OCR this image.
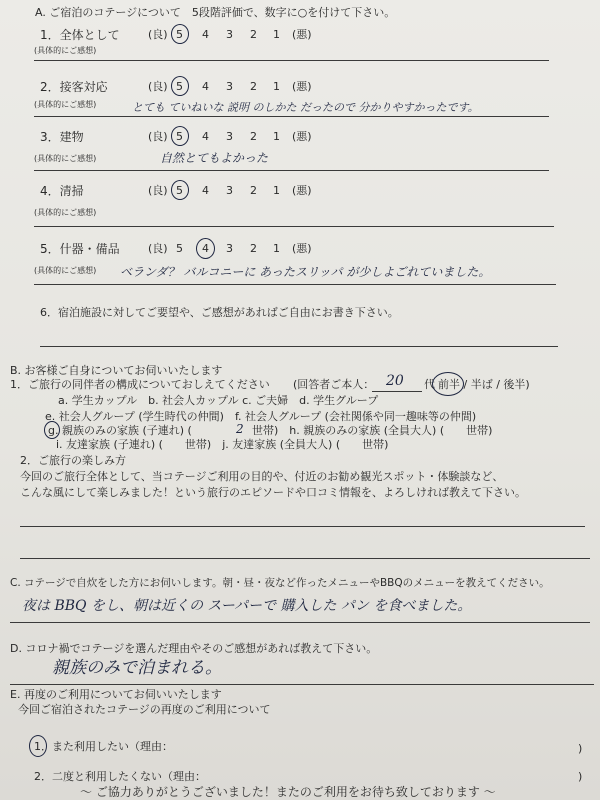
A. ご宿泊のコテージについて　5段階評価で、数字に○を付けて下さい。
1．全体として	(良) 5 4 3 2 1 (悪)
(具体的にご感想)
2．接客対応	(良) 5 4 3 2 1 (悪)
(具体的にご感想)	とても ていねいな 説明 のしかた だったので 分かりやすかったです。
3．建物	(良) 5 4 3 2 1 (悪)
(具体的にご感想)	自然とてもよかった
4．清掃	(良) 5 4 3 2 1 (悪)
(具体的にご感想)
5．什器・備品	(良) 5 4 3 2 1 (悪)
(具体的にご感想) ベランダ？ バルコニーに あったスリッパ が少しよごれていました。
6．宿泊施設に対してご要望や、ご感想があればご自由にお書き下さい。
B. お客様ご自身についてお伺いいたします
1．ご旅行の同伴者の構成についておしえてください (回答者ご本人： 20 代 前半 / 半ば / 後半)
a. 学生カップル　b. 社会人カップル c. ご夫婦　d. 学生グループ
e. 社会人グループ (学生時代の仲間)　f. 社会人グループ (会社関係や同一趣味等の仲間)
g. 親族のみの家族 (子連れ) (	2 世帯)　h. 親族のみの家族 (全員大人) (　　世帯)
i. 友達家族 (子連れ) (　　世帯)　j. 友達家族 (全員大人) (　　世帯)
2．ご旅行の楽しみ方
今回のご旅行全体として、当コテージご利用の目的や、付近のお勧め観光スポット・体験談など、
こんな風にして楽しみました！という旅行のエピソードや口コミ情報を、よろしければ教えて下さい。
C. コテージで自炊をした方にお伺いします。朝・昼・夜など作ったメニューやBBQのメニューを教えてください。
夜は BBQ をし、朝は近くの スーパーで 購入した パン を食べました。
D. コロナ禍でコテージを選んだ理由やそのご感想があれば教えて下さい。
親族のみで泊まれる。
E. 再度のご利用についてお伺いいたします
今回ご宿泊されたコテージの再度のご利用について
1．また利用したい（理由：	)
2．二度と利用したくない（理由：	)
～ ご協力ありがとうございました！またのご利用をお待ち致しております ～
